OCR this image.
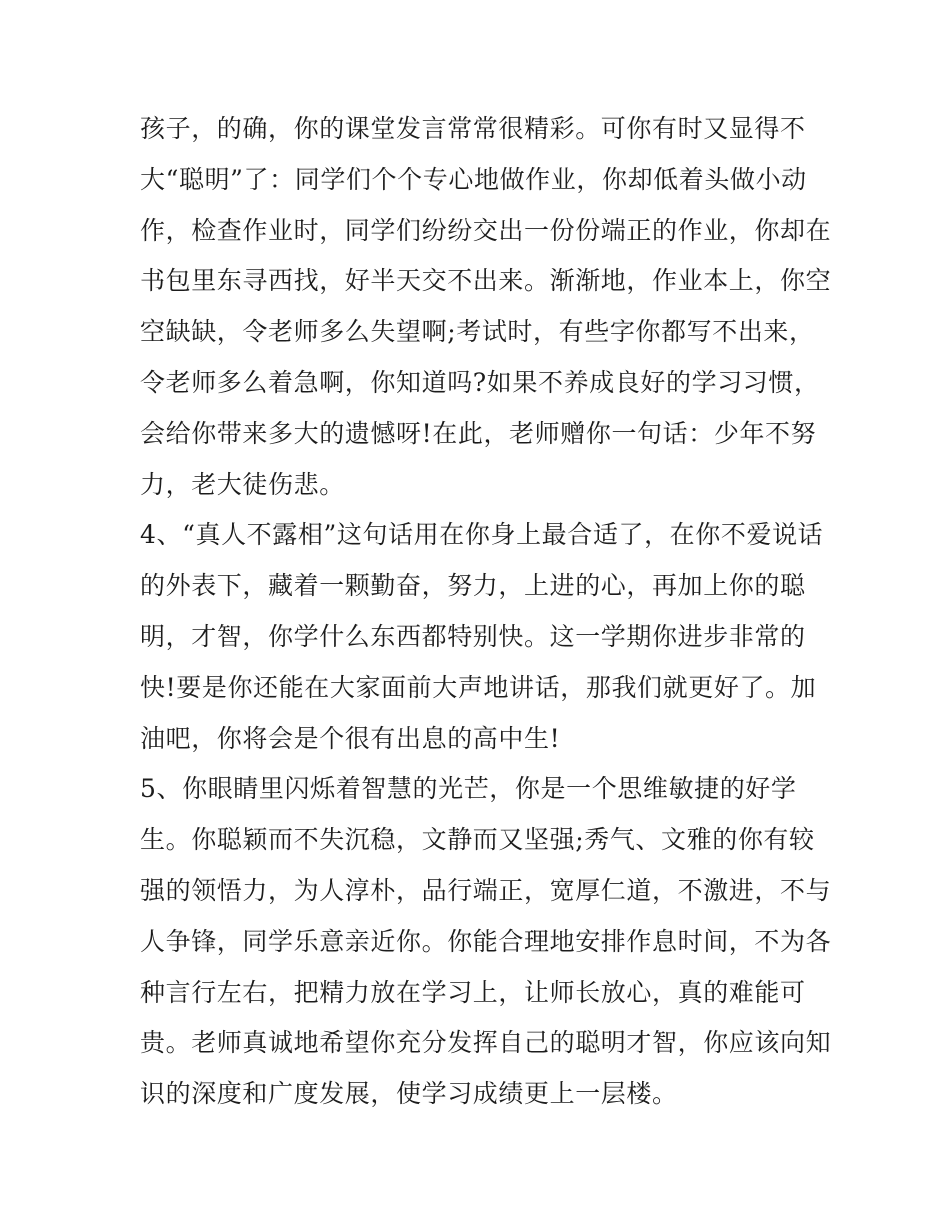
孩子，的确，你的课堂发言常常很精彩。可你有时又显得不
大“聪明”了：同学们个个专心地做作业，你却低着头做小动
作，检查作业时，同学们纷纷交出一份份端正的作业，你却在
书包里东寻西找，好半天交不出来。渐渐地，作业本上，你空
空缺缺，令老师多么失望啊;考试时，有些字你都写不出来，
令老师多么着急啊，你知道吗?如果不养成良好的学习习惯，
会给你带来多大的遗憾呀!在此，老师赠你一句话：少年不努
力，老大徒伤悲。
4、“真人不露相”这句话用在你身上最合适了，在你不爱说话
的外表下，藏着一颗勤奋，努力，上进的心，再加上你的聪
明，才智，你学什么东西都特别快。这一学期你进步非常的
快!要是你还能在大家面前大声地讲话，那我们就更好了。加
油吧，你将会是个很有出息的高中生!
5、你眼睛里闪烁着智慧的光芒，你是一个思维敏捷的好学
生。你聪颖而不失沉稳，文静而又坚强;秀气、文雅的你有较
强的领悟力，为人淳朴，品行端正，宽厚仁道，不激进，不与
人争锋，同学乐意亲近你。你能合理地安排作息时间，不为各
种言行左右，把精力放在学习上，让师长放心，真的难能可
贵。老师真诚地希望你充分发挥自己的聪明才智，你应该向知
识的深度和广度发展，使学习成绩更上一层楼。
